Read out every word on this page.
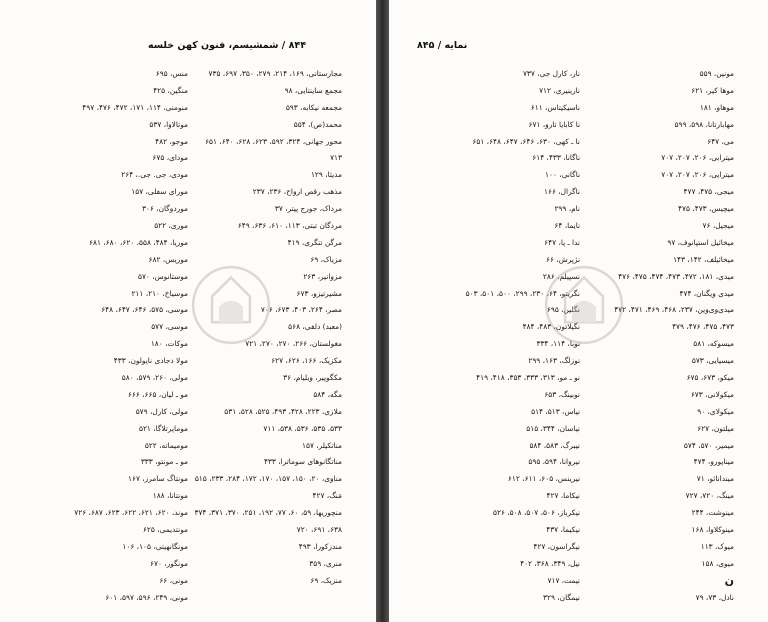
۸۴۴ / شمشیسم، فنون کهن خلسه
مجارستانی، ۱۶۹، ۲۱۴، ۲۷۹، ۳۵۰، ۶۹۷، ۷۳۵
مجمع ساینتایی، ۹۸
مجمعه نیکابه، ۵۹۳
محمد(ص)، ۵۵۴
محور جهانی، ۳۲۴، ۵۹۲، ۶۲۳، ۶۲۸، ۶۴۰، ۶۵۱
۷۱۳
مدیثا، ۱۲۹
مذهب رقص ارواح، ۲۳۶، ۲۳۷
مرداک، جورج پیتر، ۳۷
مردگان تبتی، ۱۱۳، ۶۱۰، ۶۳۶، ۶۴۹
مرگن تنگری، ۴۱۹
مزیاک، ۶۹
مزوانیر، ۲۶۳
مشیرتیزو، ۶۷۳
مصر، ۲۶۴، ۴۰۳، ۶۷۳، ۷۰۶
(معبد) دلفی، ۵۶۸
مغولستان، ۲۶۶، ۲۷۰، ۲۷۰، ۷۲۱
مکزیک، ۱۶۶، ۶۲۶، ۶۲۷
مکگوییر، ویلیام، ۳۶
مگه، ۵۸۴
ملازی، ۲۲۳، ۴۲۸، ۴۹۳، ۵۲۵، ۵۲۸، ۵۳۱
۵۳۳، ۵۳۵، ۵۳۶، ۵۳۸، ۷۱۱
مناتکیلر، ۱۵۷
مناتگانوهای سوماترا، ۴۳۳
مناوی، ۲۰، ۱۵۰، ۱۵۷، ۱۷۰، ۱۷۲، ۲۸۴، ۲۳۳، ۵۱۵
مَنگ، ۴۲۷
منچوریها، ۵۹، ۶۰، ۷۷، ۱۹۲، ۲۵۱، ۳۷۰، ۳۷۱، ۳۷۴
۶۳۸، ۶۹۱، ۷۲۰
مندزکورا، ۴۹۳
منری، ۳۵۹
منزیک، ۶۹
منس، ۶۹۵
منگین، ۴۲۵
منومنی، ۱۱۴، ۱۷۱، ۴۷۲، ۴۷۶، ۴۹۷
موتالاوا، ۵۳۷
موجو، ۴۸۲
مودای، ۶۷۵
مودی، جی. جی.، ۲۶۴
مورای سفلی، ۱۵۷
موردوگان، ۳۰۶
موری، ۵۲۲
موریا، ۴۸۴، ۵۵۸، ۶۲۰، ۶۸۰، ۶۸۱
موریس، ۶۸۲
موستانوس، ۵۷۰
موسیاخ، ۲۱۰، ۲۱۱
موسی، ۵۷۵، ۶۴۶، ۶۴۷، ۶۴۸
موسی، ۵۷۷
موکات، ۱۸۰
مولا دجادی نایولون، ۴۳۳
مولی، ۲۶۰، ۵۷۹، ۵۸۰
مو ـ لیان، ۶۶۵، ۶۶۶
مولی، کارل، ۵۷۹
موماپرتلاگا، ۵۲۱
مومیماته، ۵۲۲
مو ـ مونتو، ۳۳۳
مونتاگ سامرز، ۱۶۷
مونتانا، ۱۸۸
موند، ۶۲۰، ۶۲۱، ۶۲۲، ۶۲۳، ۶۸۷، ۷۲۶
مونتدیمی، ۶۲۵
مونگانهیتی، ۱۰۵، ۱۰۶
مونگور، ۶۷۰
مونی، ۶۶
مونی، ۲۴۹، ۵۹۶، ۵۹۷، ۶۰۱
نمایه / ۸۴۵
مونین، ۵۵۹
موها کیر، ۶۲۱
موهاو، ۱۸۱
مهابارتانا، ۵۹۸، ۵۹۹
می، ۶۴۷
میترابی، ۲۰۶، ۲۰۷، ۷۰۷
میترایی، ۲۰۶، ۲۰۷، ۷۰۷
میجی، ۴۷۵، ۴۷۷
میچیس، ۴۷۳، ۴۷۵
میجیل، ۷۶
میخائیل استپانوف، ۹۷
میخائیلف، ۱۴۲، ۱۴۳
میدی، ۱۸۱، ۴۷۲، ۴۷۳، ۴۷۴، ۴۷۵، ۴۷۶
میدی ویگنان، ۴۷۴
میدی‌وی‌وین، ۲۳۷، ۴۶۸، ۴۶۹، ۴۷۱، ۴۷۲
۴۷۳، ۴۷۵، ۴۷۶، ۴۷۹
میسوکه، ۵۸۱
میسیایی، ۵۷۳
میکو، ۶۷۳، ۶۷۵
میکولانی، ۶۷۳
میکولای، ۹۰
میلتون، ۶۲۷
میمیر، ۵۷۰، ۵۷۴
میناپورو، ۴۷۴
میندانائو، ۷۱
مینگ، ۷۲۰، ۷۲۷
مینوشت، ۲۴۴
مینوکلاوا، ۱۶۸
میوک، ۱۱۳
میوی، ۱۵۸
ن
نادل، ۷۳، ۷۹
نار، کارل جی، ۷۳۷
نارینیری، ۷۱۲
ناسیکیتاس، ۶۱۱
نا کابایا تارو، ۶۷۱
نا ـ کهی، ۶۳۰، ۶۴۶، ۶۴۷، ۶۴۸، ۶۵۱
ناگانا، ۴۳۳، ۶۱۴
ناگانی، ۱۰۰
ناگرال، ۱۶۶
نام، ۲۹۹
نایما، ۶۴
ندا ـ پا، ۶۴۷
نژپرش، ۶۶
نسپیلم، ۲۸۶
نگریتو، ۶۴، ۲۳۰، ۲۹۹، ۵۰۰، ۵۰۱، ۵۰۳
نگلین، ۶۹۵
نگیلاتون، ۴۸۳، ۴۸۴
نوبا، ۱۱۴، ۳۳۴
نوزلگ، ۱۶۳، ۲۹۹
نو ـ مو، ۳۱۳، ۳۳۳، ۳۵۳، ۴۱۸، ۴۱۹
نوبینگ، ۶۵۳
نیاس، ۵۱۳، ۵۱۴
نیاسان، ۳۴۴، ۵۱۵
نیبرگ، ۵۸۳، ۵۸۴
نیروانا، ۵۹۴، ۵۹۵
نیرینس، ۶۰۵، ۶۱۱، ۶۱۲
نیکاما، ۴۲۷
نیکرباز، ۵۰۶، ۵۰۷، ۵۰۸، ۵۲۶
نیکیما، ۴۳۷
نیگراسون، ۴۲۷
نیل، ۳۴۹، ۳۶۸، ۴۰۲
نیمت، ۷۱۷
نیمگان، ۳۲۹
